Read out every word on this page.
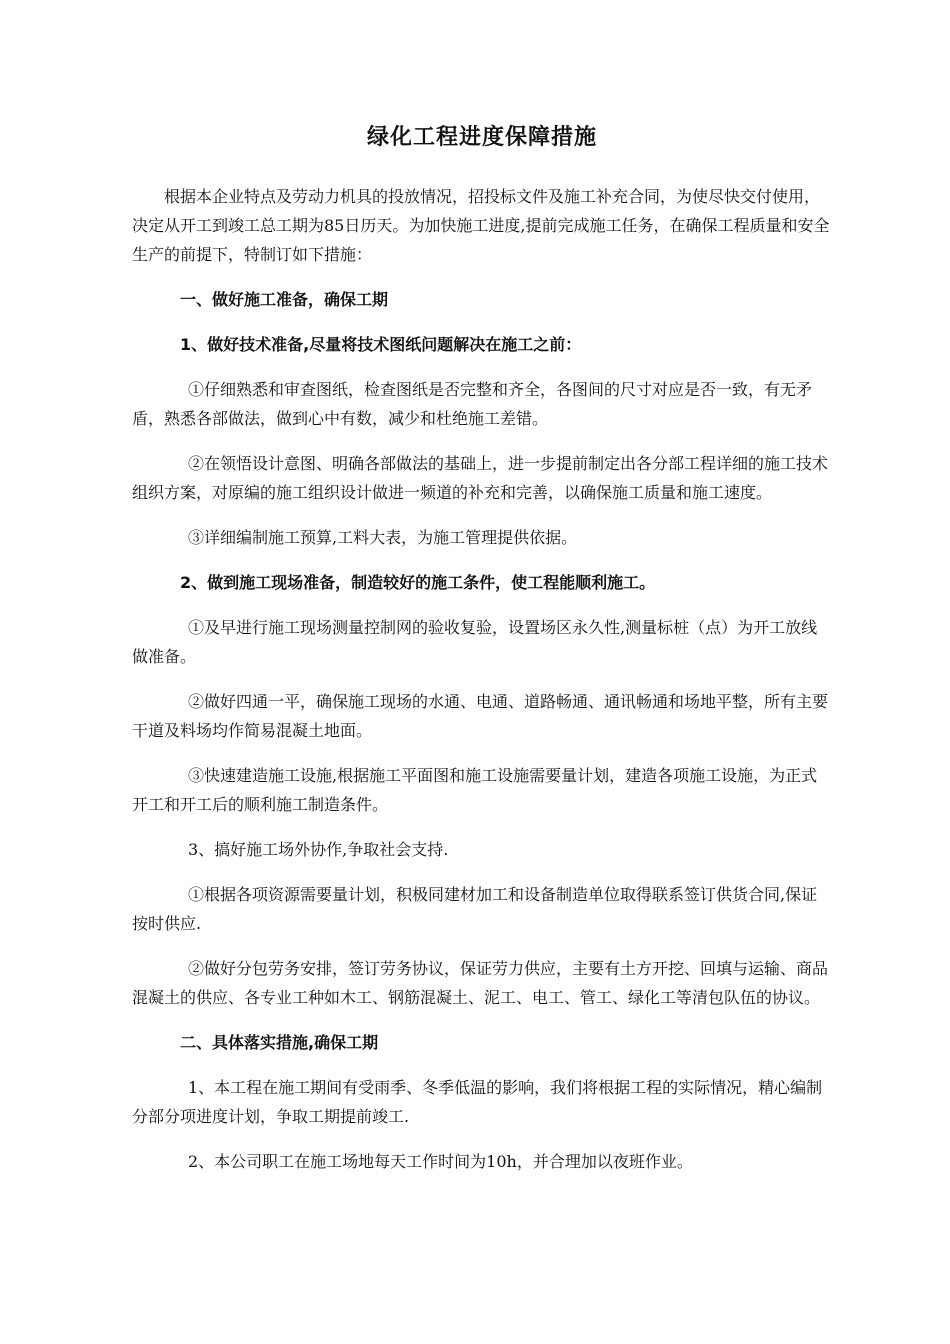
绿化工程进度保障措施

根据本企业特点及劳动力机具的投放情况，招投标文件及施工补充合同，为使尽快交付使用，决定从开工到竣工总工期为85日历天。为加快施工进度,提前完成施工任务，在确保工程质量和安全生产的前提下，特制订如下措施：

一、做好施工准备，确保工期
1、做好技术准备,尽量将技术图纸问题解决在施工之前：

①仔细熟悉和审查图纸，检查图纸是否完整和齐全，各图间的尺寸对应是否一致，有无矛盾，熟悉各部做法，做到心中有数，减少和杜绝施工差错。

②在领悟设计意图、明确各部做法的基础上，进一步提前制定出各分部工程详细的施工技术组织方案，对原编的施工组织设计做进一频道的补充和完善，以确保施工质量和施工速度。

③详细编制施工预算,工料大表，为施工管理提供依据。

2、做到施工现场准备，制造较好的施工条件，使工程能顺利施工。

①及早进行施工现场测量控制网的验收复验，设置场区永久性,测量标桩（点）为开工放线做准备。

②做好四通一平，确保施工现场的水通、电通、道路畅通、通讯畅通和场地平整，所有主要干道及料场均作简易混凝土地面。

③快速建造施工设施,根据施工平面图和施工设施需要量计划，建造各项施工设施，为正式开工和开工后的顺利施工制造条件。

3、搞好施工场外协作,争取社会支持.

①根据各项资源需要量计划，积极同建材加工和设备制造单位取得联系签订供货合同,保证按时供应.

②做好分包劳务安排，签订劳务协议，保证劳力供应，主要有土方开挖、回填与运输、商品混凝土的供应、各专业工种如木工、钢筋混凝土、泥工、电工、管工、绿化工等清包队伍的协议。

二、具体落实措施,确保工期

1、本工程在施工期间有受雨季、冬季低温的影响，我们将根据工程的实际情况，精心编制分部分项进度计划，争取工期提前竣工.

2、本公司职工在施工场地每天工作时间为10h，并合理加以夜班作业。
